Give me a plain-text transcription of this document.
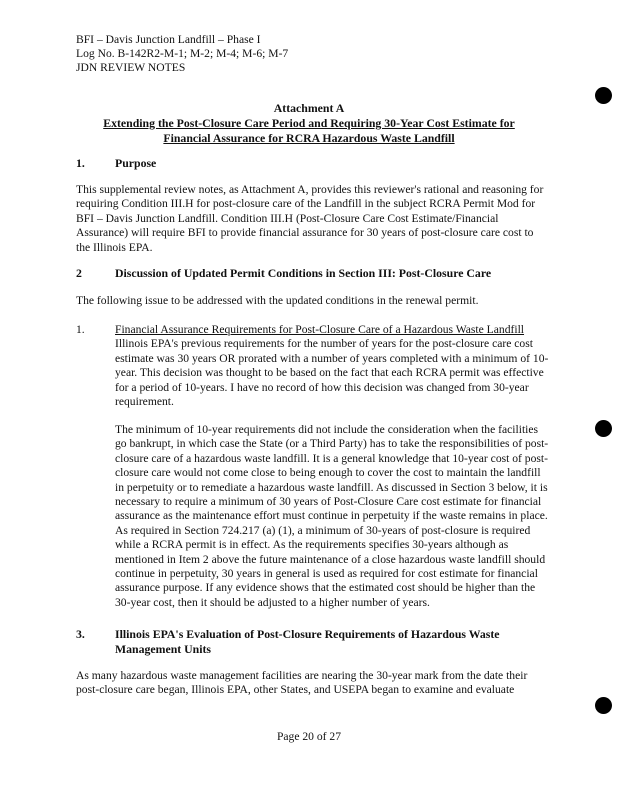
BFI – Davis Junction Landfill – Phase I
Log No. B-142R2-M-1; M-2; M-4; M-6; M-7
JDN REVIEW NOTES
Attachment A
Extending the Post-Closure Care Period and Requiring 30-Year Cost Estimate for
Financial Assurance for RCRA Hazardous Waste Landfill
1.	Purpose
This supplemental review notes, as Attachment A, provides this reviewer's rational and reasoning for requiring Condition III.H for post-closure care of the Landfill in the subject RCRA Permit Mod for BFI – Davis Junction Landfill. Condition III.H (Post-Closure Care Cost Estimate/Financial Assurance) will require BFI to provide financial assurance for 30 years of post-closure care cost to the Illinois EPA.
2	Discussion of Updated Permit Conditions in Section III: Post-Closure Care
The following issue to be addressed with the updated conditions in the renewal permit.
1.	Financial Assurance Requirements for Post-Closure Care of a Hazardous Waste Landfill
Illinois EPA's previous requirements for the number of years for the post-closure care cost estimate was 30 years OR prorated with a number of years completed with a minimum of 10-year. This decision was thought to be based on the fact that each RCRA permit was effective for a period of 10-years. I have no record of how this decision was changed from 30-year requirement.
The minimum of 10-year requirements did not include the consideration when the facilities go bankrupt, in which case the State (or a Third Party) has to take the responsibilities of post-closure care of a hazardous waste landfill. It is a general knowledge that 10-year cost of post-closure care would not come close to being enough to cover the cost to maintain the landfill in perpetuity or to remediate a hazardous waste landfill. As discussed in Section 3 below, it is necessary to require a minimum of 30 years of Post-Closure Care cost estimate for financial assurance as the maintenance effort must continue in perpetuity if the waste remains in place. As required in Section 724.217 (a) (1), a minimum of 30-years of post-closure is required while a RCRA permit is in effect. As the requirements specifies 30-years although as mentioned in Item 2 above the future maintenance of a close hazardous waste landfill should continue in perpetuity, 30 years in general is used as required for cost estimate for financial assurance purpose. If any evidence shows that the estimated cost should be higher than the 30-year cost, then it should be adjusted to a higher number of years.
3.	Illinois EPA's Evaluation of Post-Closure Requirements of Hazardous Waste Management Units
As many hazardous waste management facilities are nearing the 30-year mark from the date their post-closure care began, Illinois EPA, other States, and USEPA began to examine and evaluate
Page 20 of 27
